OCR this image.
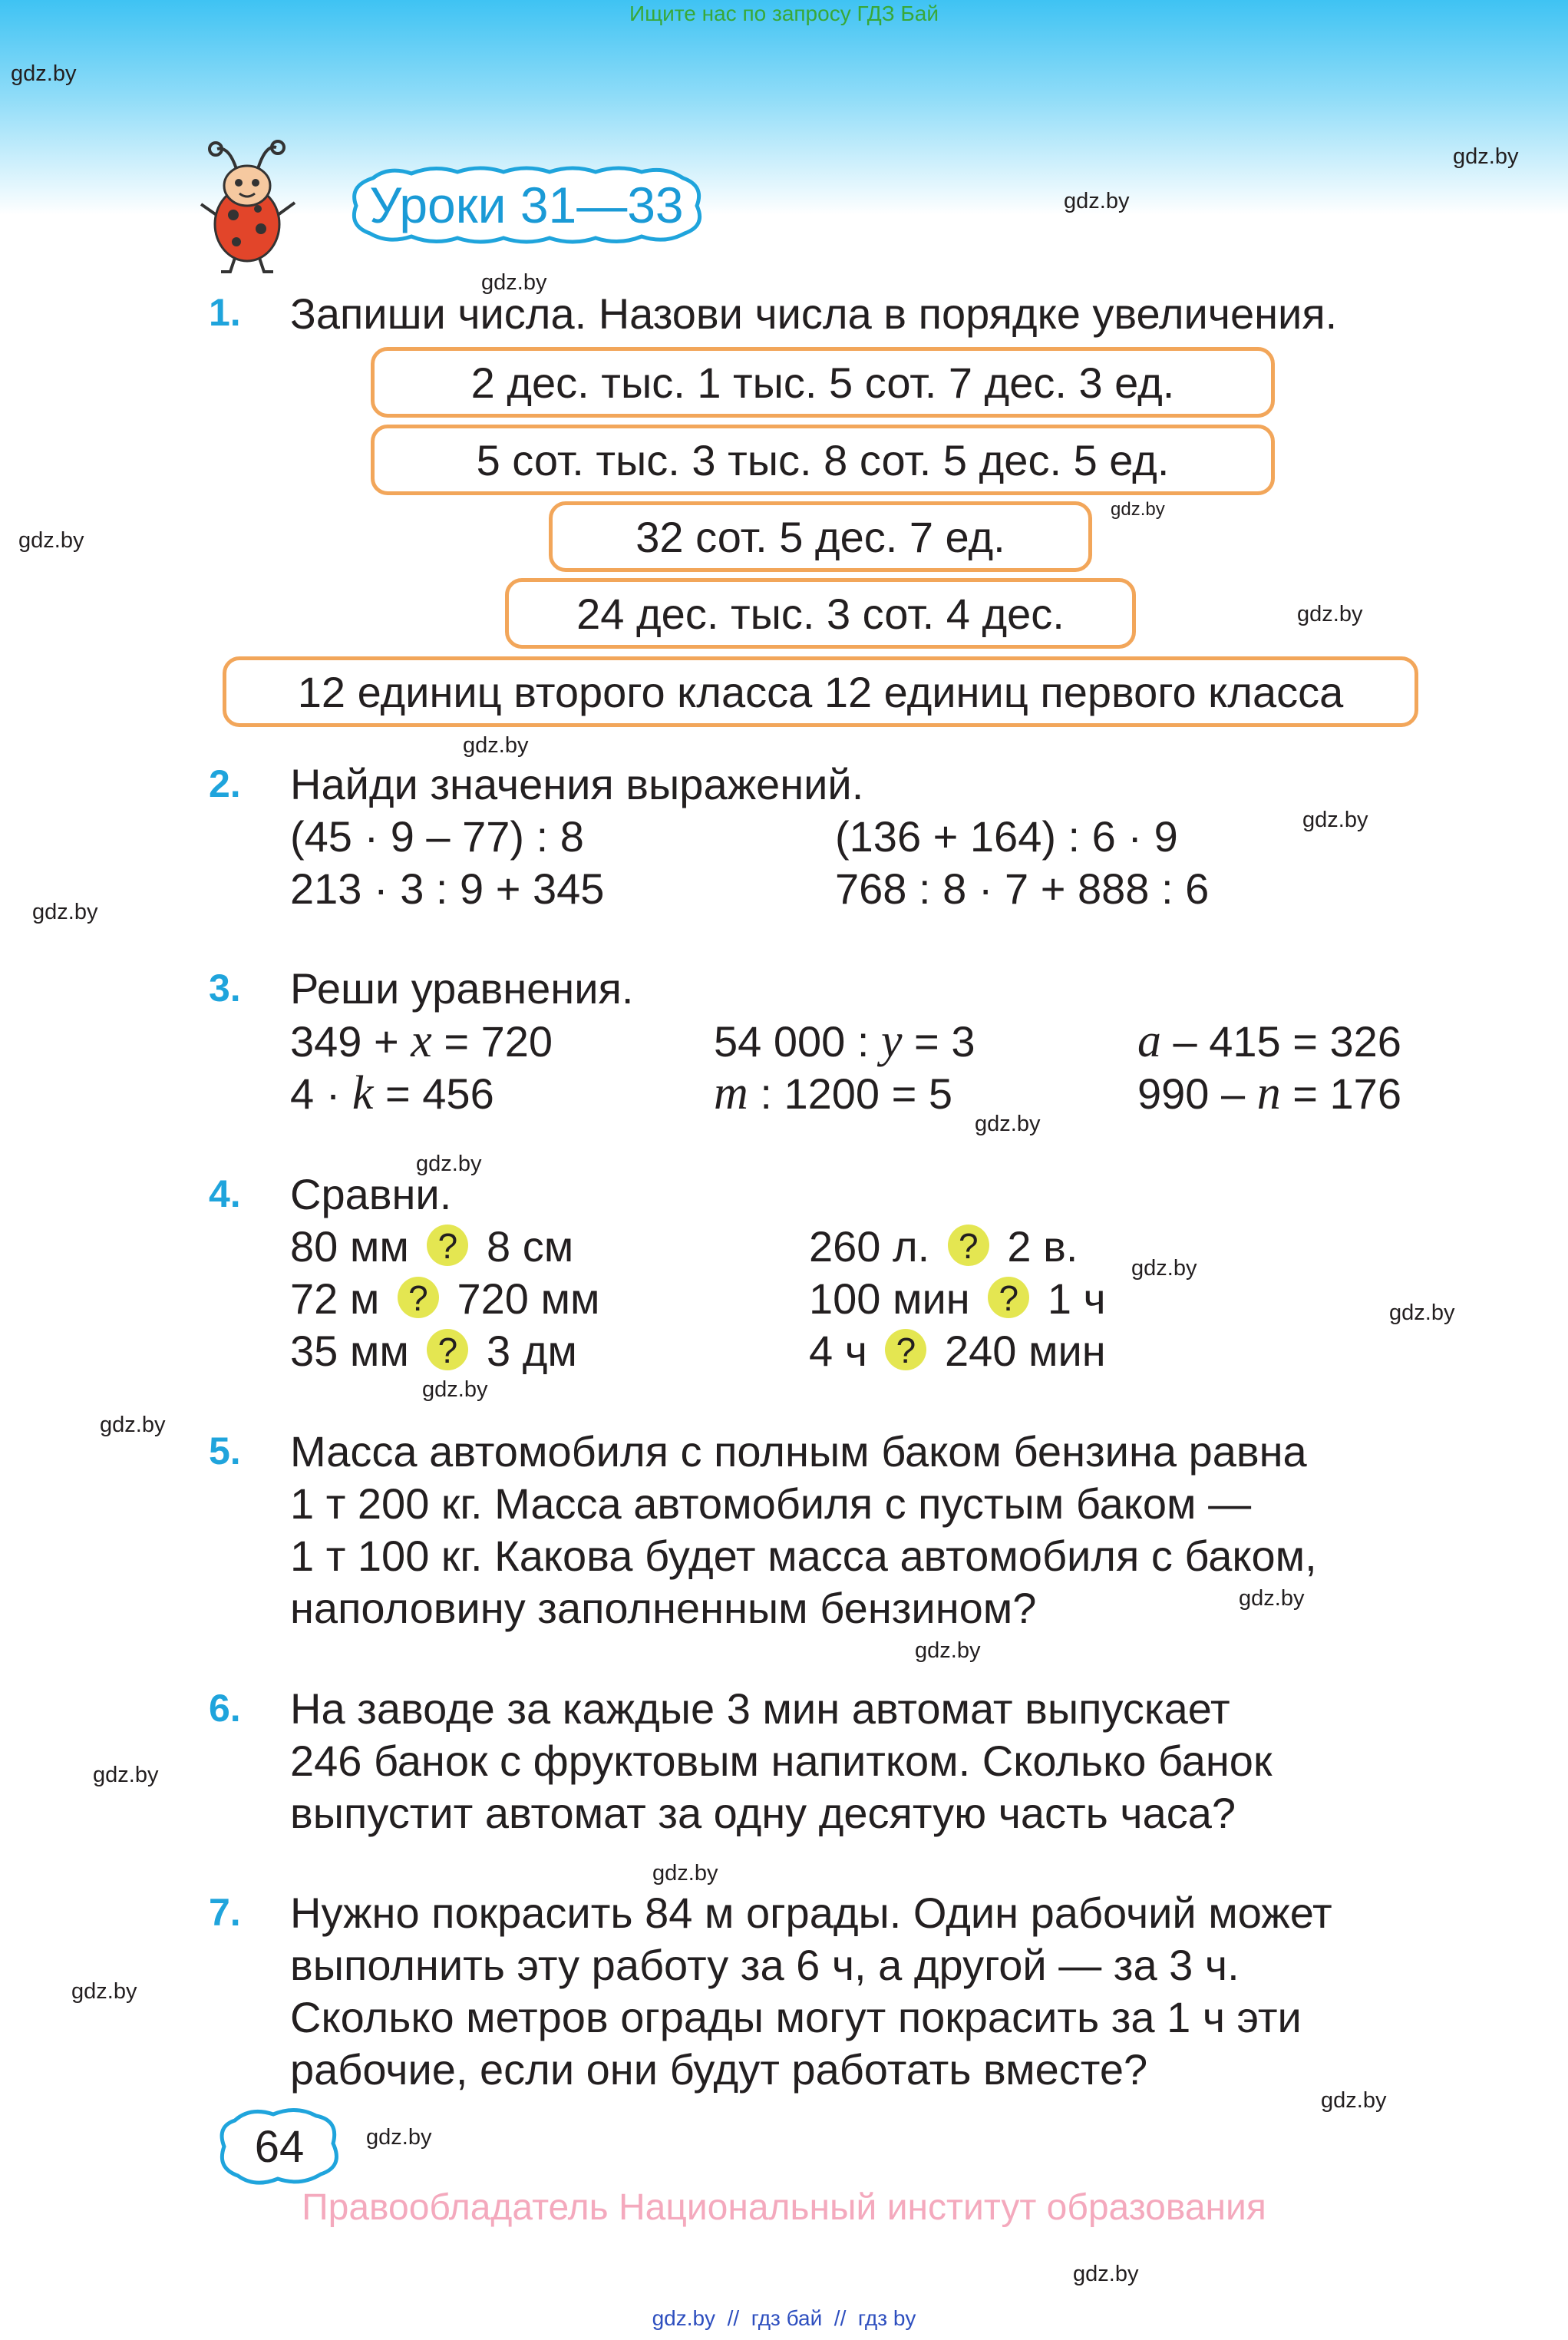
Ищите нас по запросу ГДЗ Бай
Уроки 31—33
1. Запиши числа. Назови числа в порядке увеличения.
2 дес. тыс. 1 тыс. 5 сот. 7 дес. 3 ед.
5 сот. тыс. 3 тыс. 8 сот. 5 дес. 5 ед.
32 сот. 5 дес. 7 ед.
24 дес. тыс. 3 сот. 4 дес.
12 единиц второго класса 12 единиц первого класса
2. Найди значения выражений.
(45 · 9 – 77) : 8	(136 + 164) : 6 · 9
213 · 3 : 9 + 345	768 : 8 · 7 + 888 : 6
3. Реши уравнения.
349 + x = 720	54 000 : y = 3	a – 415 = 326
4 · k = 456	m : 1200 = 5	990 – n = 176
4. Сравни.
80 мм ? 8 см	260 л. ? 2 в.
72 м ? 720 мм	100 мин ? 1 ч
35 мм ? 3 дм	4 ч ? 240 мин
5. Масса автомобиля с полным баком бензина равна
1 т 200 кг. Масса автомобиля с пустым баком —
1 т 100 кг. Какова будет масса автомобиля с баком,
наполовину заполненным бензином?
6. На заводе за каждые 3 мин автомат выпускает
246 банок с фруктовым напитком. Сколько банок
выпустит автомат за одну десятую часть часа?
7. Нужно покрасить 84 м ограды. Один рабочий может
выполнить эту работу за 6 ч, а другой — за 3 ч.
Сколько метров ограды могут покрасить за 1 ч эти
рабочие, если они будут работать вместе?
64
Правообладатель Национальный институт образования
gdz.by  //  гдз бай  //  гдз by
gdz.by
gdz.by
gdz.by
gdz.by
gdz.by
gdz.by
gdz.by
gdz.by
gdz.by
gdz.by
gdz.by
gdz.by
gdz.by
gdz.by
gdz.by
gdz.by
gdz.by
gdz.by
gdz.by
gdz.by
gdz.by
gdz.by
gdz.by
gdz.by
